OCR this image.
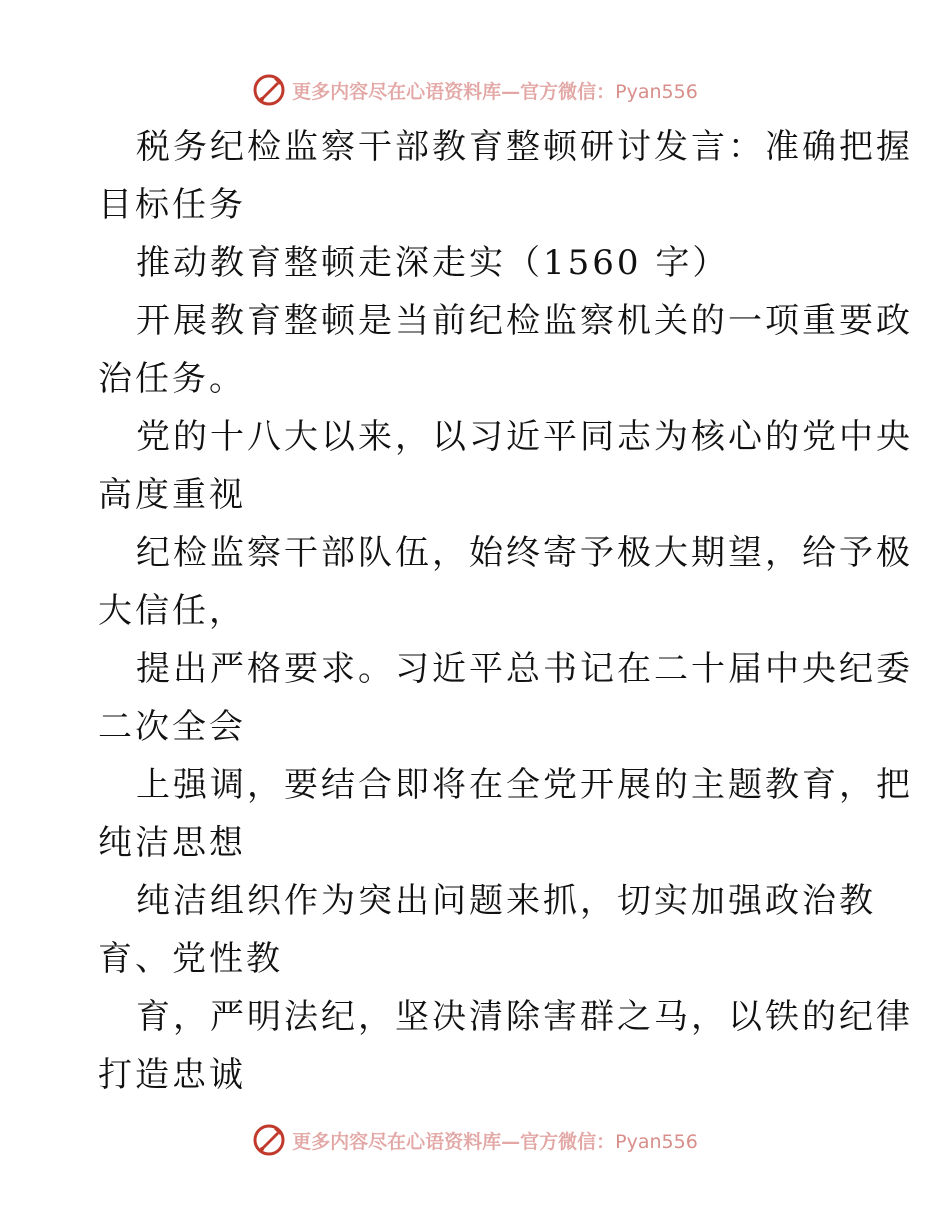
更多内容尽在心语资料库—官方微信：Pyan556
税务纪检监察干部教育整顿研讨发言：准确把握
目标任务
推动教育整顿走深走实（1560 字）
开展教育整顿是当前纪检监察机关的一项重要政
治任务。
党的十八大以来，以习近平同志为核心的党中央
高度重视
纪检监察干部队伍，始终寄予极大期望，给予极
大信任，
提出严格要求。习近平总书记在二十届中央纪委
二次全会
上强调，要结合即将在全党开展的主题教育，把
纯洁思想
纯洁组织作为突出问题来抓，切实加强政治教
育、党性教
育，严明法纪，坚决清除害群之马，以铁的纪律
打造忠诚
更多内容尽在心语资料库—官方微信：Pyan556
